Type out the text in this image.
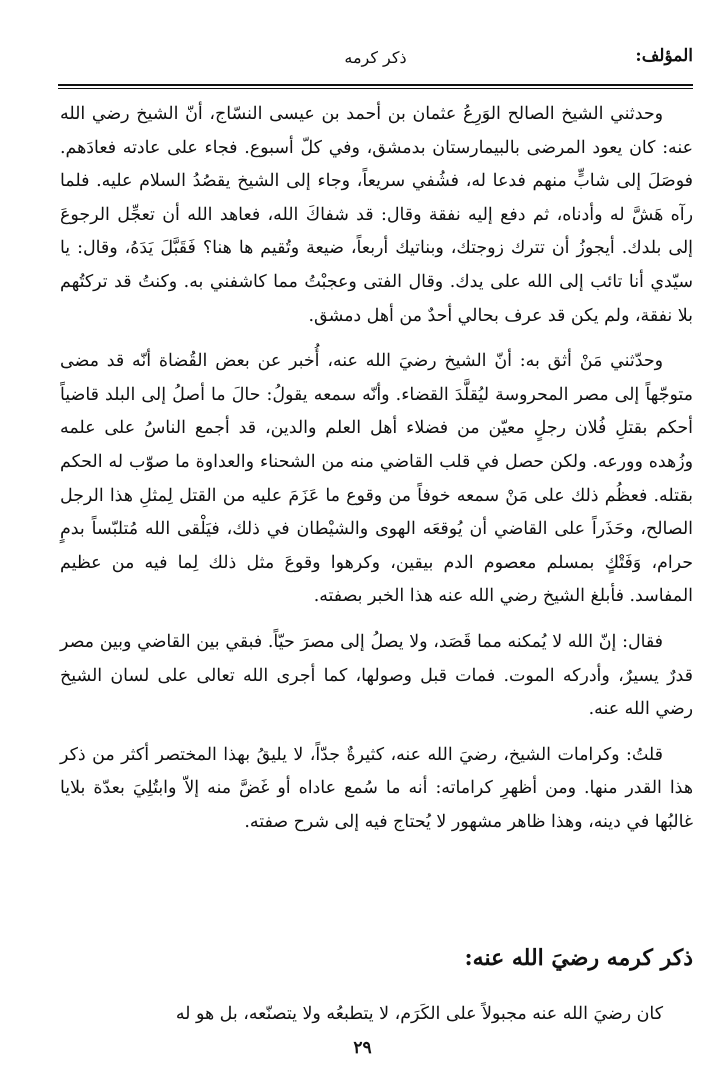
المؤلف:
ذكر كرمه

وحدثني الشيخ الصالح الوَرِعُ عثمان بن أحمد بن عيسى النسّاج، أنّ الشيخ رضي الله عنه: كان يعود المرضى بالبيمارستان بدمشق، وفي كلّ أسبوع. فجاء على عادته فعادَهم. فوصَلَ إلى شابٍّ منهم فدعا له، فشُفي سريعاً، وجاء إلى الشيخ يقصُدُ السلام عليه. فلما رآه هَشَّ له وأدناه، ثم دفع إليه نفقة وقال: قد شفاكَ الله، فعاهد الله أن تعجِّل الرجوعَ إلى بلدك. أيجوزُ أن تترك زوجتك، وبناتيك أربعاً، ضيعة وتُقيم ها هنا؟ فَقَبَّلَ يَدَهُ، وقال: يا سيّدي أنا تائب إلى الله على يدك. وقال الفتى وعجبْتُ مما كاشفني به. وكنتُ قد تركتُهم بلا نفقة، ولم يكن قد عرف بحالي أحدٌ من أهل دمشق.

وحدّثني مَنْ أثق به: أنّ الشيخ رضيَ الله عنه، أُخبر عن بعض القُضاة أنّه قد مضى متوجّهاً إلى مصر المحروسة ليُقلَّدَ القضاء. وأنّه سمعه يقولُ: حالَ ما أصلُ إلى البلد قاضياً أحكم بقتلِ فُلان رجلٍ معيّن من فضلاء أهل العلم والدين، قد أجمع الناسُ على علمه وزُهده وورعه. ولكن حصل في قلب القاضي منه من الشحناء والعداوة ما صوّب له الحكم بقتله. فعظُم ذلك على مَنْ سمعه خوفاً من وقوع ما عَزَمَ عليه من القتل لِمثلِ هذا الرجل الصالح، وحَذَراً على القاضي أن يُوقعَه الهوى والشيْطان في ذلك، فيَلْقى الله مُتلبّساً بدمٍ حرام، وَفَتْكٍ بمسلم معصوم الدم بيقين، وكرهوا وقوعَ مثل ذلك لِما فيه من عظيم المفاسد. فأبلغ الشيخ رضي الله عنه هذا الخبر بصفته.

فقال: إنّ الله لا يُمكنه مما قَصَد، ولا يصلُ إلى مصرَ حيّاً. فبقي بين القاضي وبين مصر قدرٌ يسيرٌ، وأدركه الموت. فمات قبل وصولها، كما أجرى الله تعالى على لسان الشيخ رضي الله عنه.

قلتُ: وكرامات الشيخ، رضيَ الله عنه، كثيرةٌ جدّاً، لا يليقُ بهذا المختصر أكثر من ذكر هذا القدر منها. ومن أظهرِ كراماته: أنه ما سُمع عاداه أو غَضَّ منه إلاّ وابتُلِيَ بعدّة بلايا غالبُها في دينه، وهذا ظاهر مشهور لا يُحتاج فيه إلى شرح صفته.

ذكر كرمه رضيَ الله عنه:
كان رضيَ الله عنه مجبولاً على الكَرَم، لا يتطبعُه ولا يتصنّعه، بل هو له
٢٩
